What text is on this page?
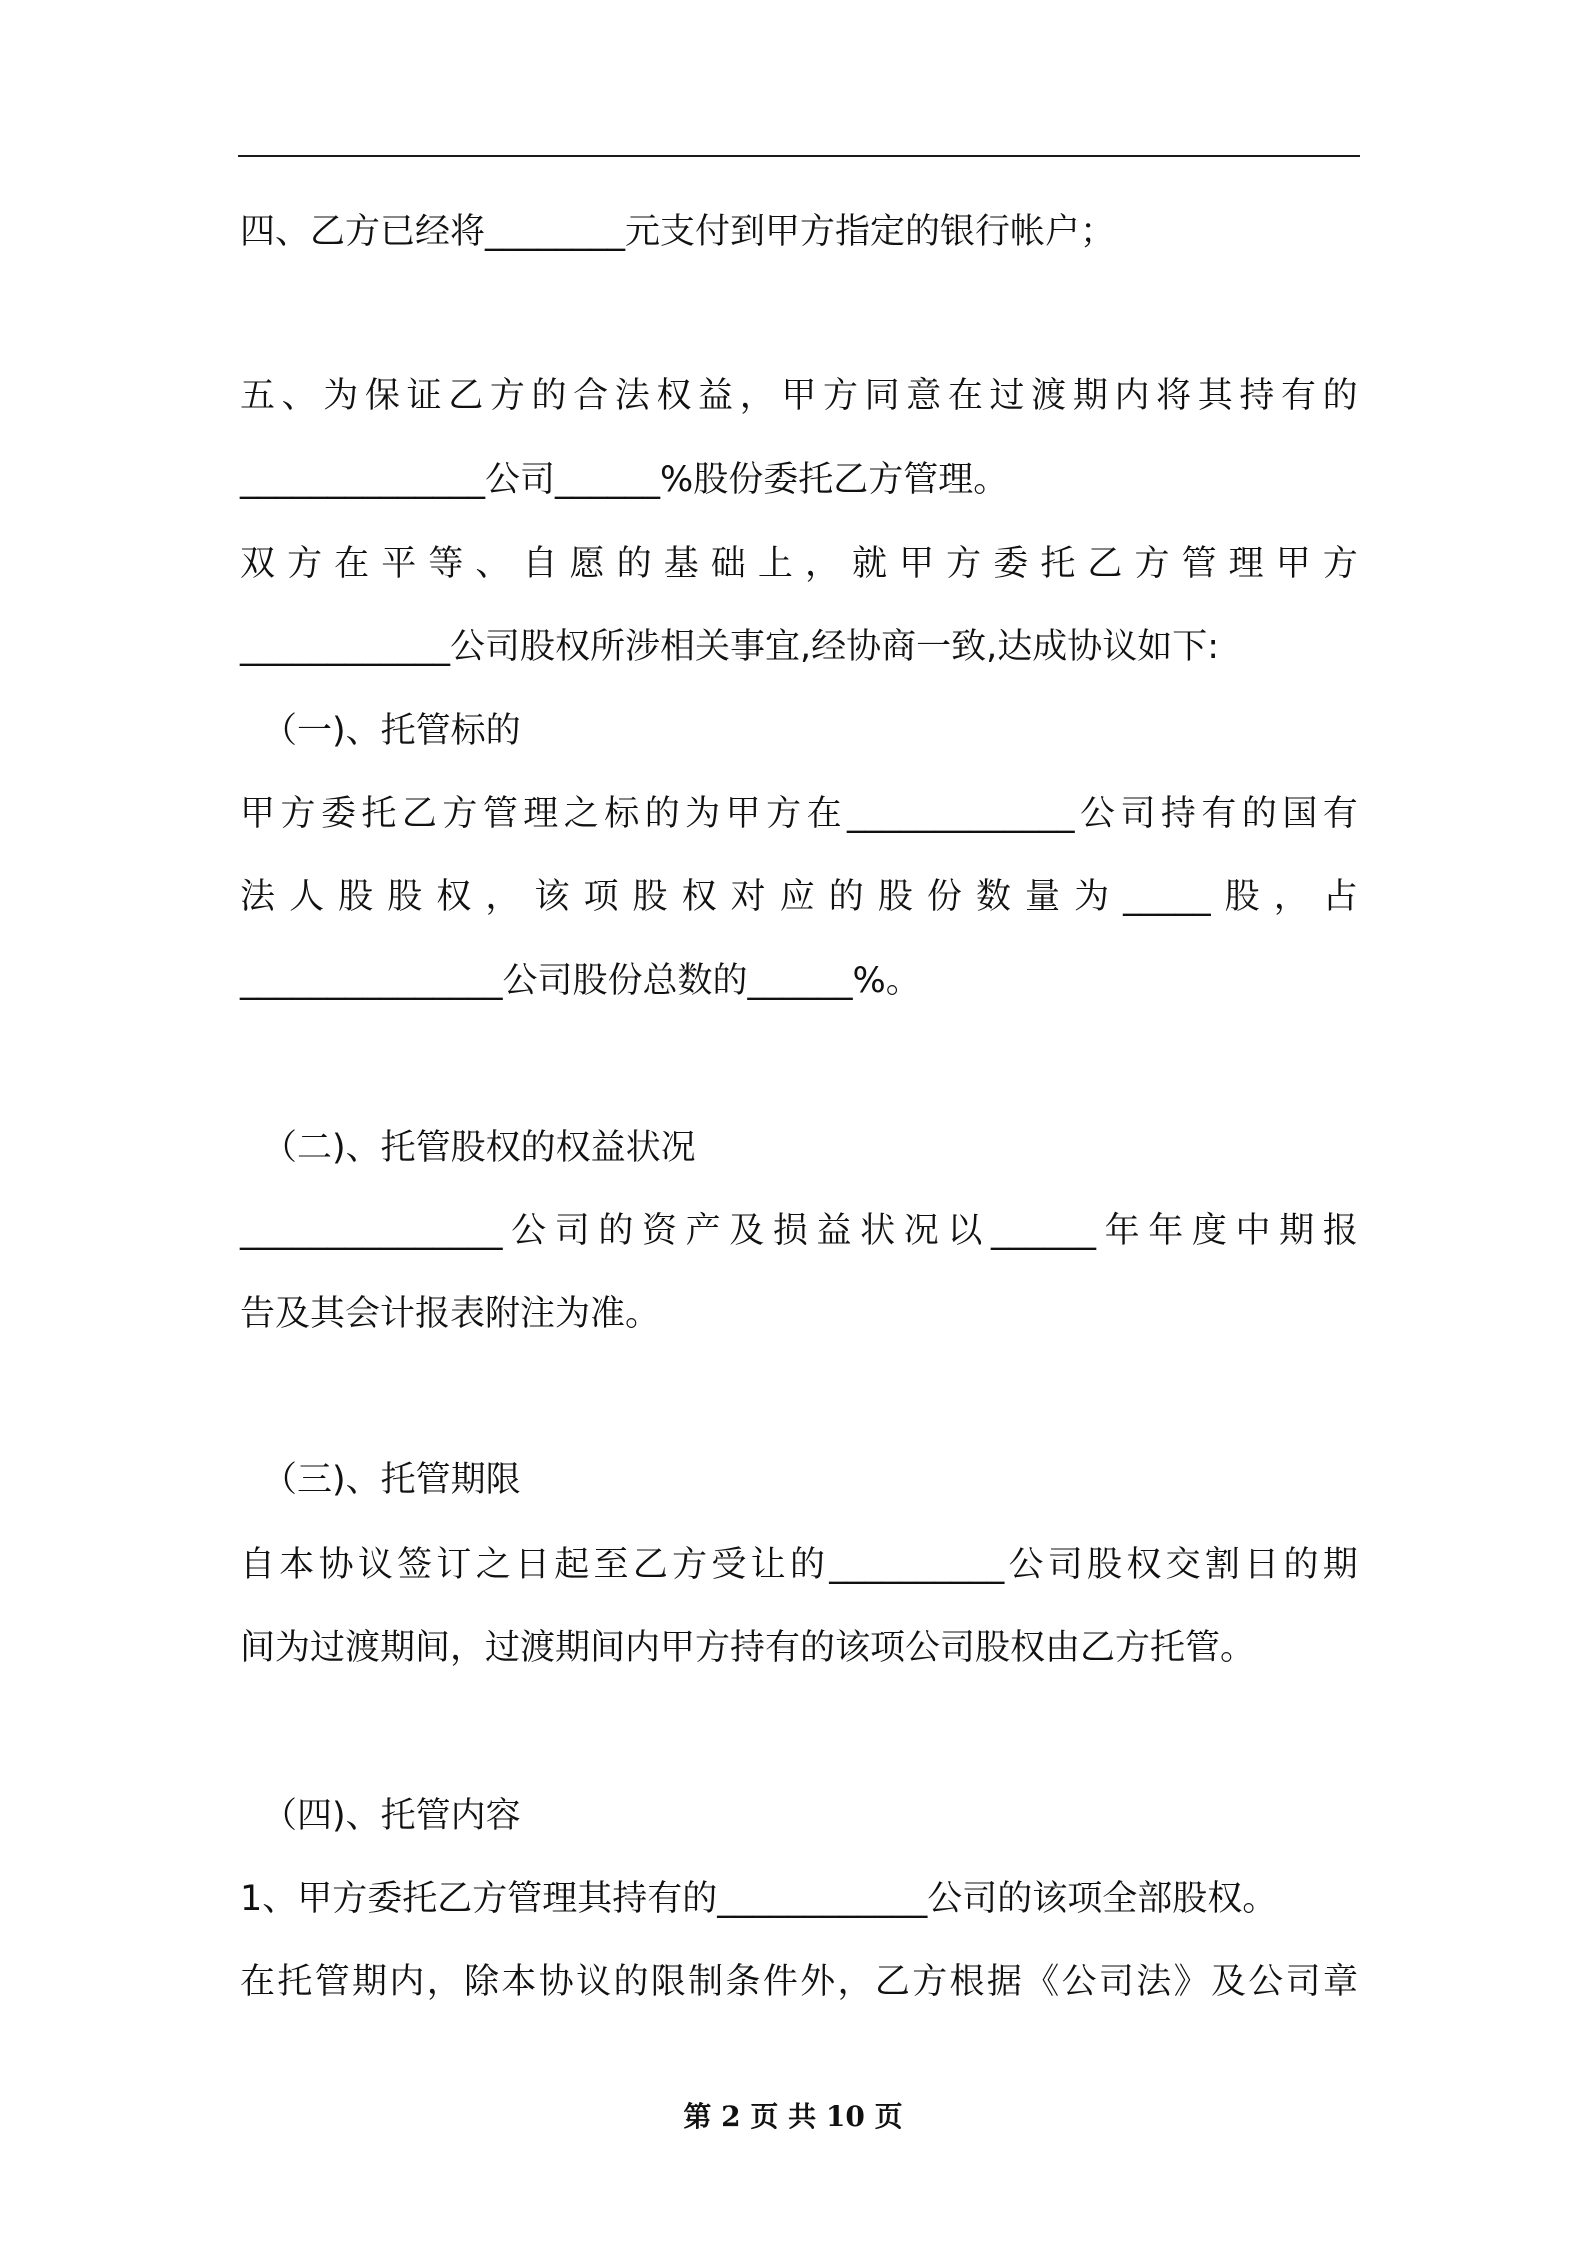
四、乙方已经将________元支付到甲方指定的银行帐户；
五 、 为 保 证 乙 方 的 合 法 权 益 ， 甲 方 同 意 在 过 渡 期 内 将 其 持 有 的
______________公司______%股份委托乙方管理。
双 方 在 平 等 、 自 愿 的 基 础 上 ， 就 甲 方 委 托 乙 方 管 理 甲 方
____________公司股权所涉相关事宜,经协商一致,达成协议如下:
（一)、托管标的
甲 方 委 托 乙 方 管 理 之 标 的 为 甲 方 在 _____________ 公 司 持 有 的 国 有
法 人 股 股 权 ， 该 项 股 权 对 应 的 股 份 数 量 为 _____ 股 ， 占
_______________公司股份总数的______%。
（二)、托管股权的权益状况
_______________ 公 司 的 资 产 及 损 益 状 况 以 ______ 年 年 度 中 期 报
告及其会计报表附注为准。
（三)、托管期限
自 本 协 议 签 订 之 日 起 至 乙 方 受 让 的 __________ 公 司 股 权 交 割 日 的 期
间为过渡期间，过渡期间内甲方持有的该项公司股权由乙方托管。
（四)、托管内容
1、甲方委托乙方管理其持有的____________公司的该项全部股权。
在 托 管 期 内 ， 除 本 协 议 的 限 制 条 件 外 ， 乙 方 根 据 《 公 司 法 》 及 公 司 章
第 2 页 共 10 页
